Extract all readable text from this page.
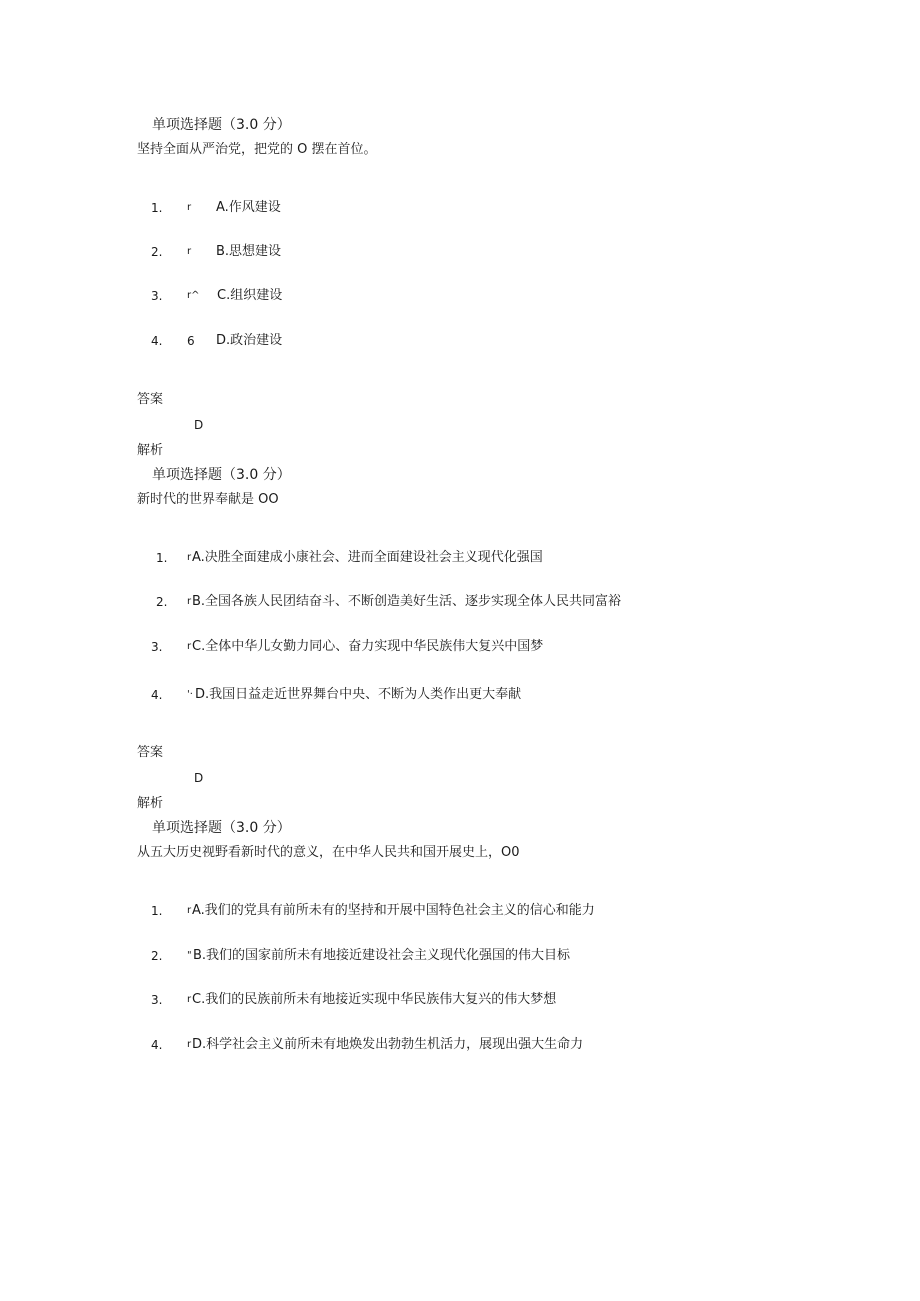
单项选择题（3.0 分）
坚持全面从严治党，把党的 O 摆在首位。
1. r A.作风建设
2. r B.思想建设
3. r^ C.组织建设
4. 6 D.政治建设
答案
D
解析
单项选择题（3.0 分）
新时代的世界奉献是 OO
1. r A.决胜全面建成小康社会、进而全面建设社会主义现代化强国
2. r B.全国各族人民团结奋斗、不断创造美好生活、逐步实现全体人民共同富裕
3. r C.全体中华儿女勤力同心、奋力实现中华民族伟大复兴中国梦
4. '· D.我国日益走近世界舞台中央、不断为人类作出更大奉献
答案
D
解析
单项选择题（3.0 分）
从五大历史视野看新时代的意义，在中华人民共和国开展史上，O0
1. r A.我们的党具有前所未有的坚持和开展中国特色社会主义的信心和能力
2. " B.我们的国家前所未有地接近建设社会主义现代化强国的伟大目标
3. r C.我们的民族前所未有地接近实现中华民族伟大复兴的伟大梦想
4. r D.科学社会主义前所未有地焕发出勃勃生机活力，展现出强大生命力
